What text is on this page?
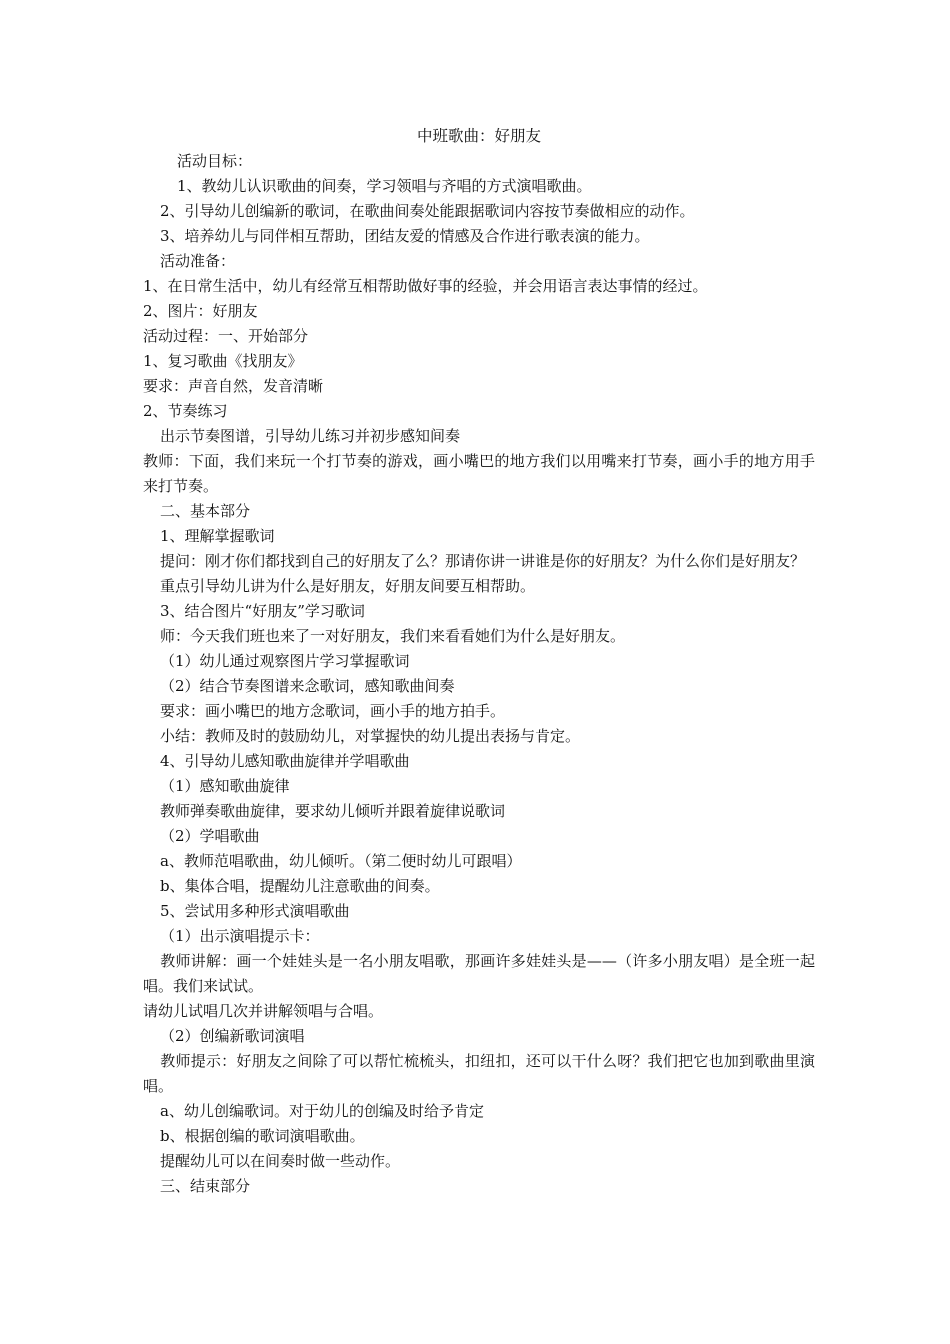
中班歌曲：好朋友

活动目标：

1、教幼儿认识歌曲的间奏，学习领唱与齐唱的方式演唱歌曲。

2、引导幼儿创编新的歌词，在歌曲间奏处能跟据歌词内容按节奏做相应的动作。

3、培养幼儿与同伴相互帮助，团结友爱的情感及合作进行歌表演的能力。

活动准备：

1、在日常生活中，幼儿有经常互相帮助做好事的经验，并会用语言表达事情的经过。

2、图片：好朋友

活动过程：一、开始部分

1、复习歌曲《找朋友》

要求：声音自然，发音清晰

2、节奏练习

出示节奏图谱，引导幼儿练习并初步感知间奏

教师：下面，我们来玩一个打节奏的游戏，画小嘴巴的地方我们以用嘴来打节奏，画小手的地方用手来打节奏。

二、基本部分

1、理解掌握歌词

提问：刚才你们都找到自己的好朋友了么？那请你讲一讲谁是你的好朋友？为什么你们是好朋友？

重点引导幼儿讲为什么是好朋友，好朋友间要互相帮助。

3、结合图片“好朋友”学习歌词

师：今天我们班也来了一对好朋友，我们来看看她们为什么是好朋友。

（1）幼儿通过观察图片学习掌握歌词

（2）结合节奏图谱来念歌词，感知歌曲间奏

要求：画小嘴巴的地方念歌词，画小手的地方拍手。

小结：教师及时的鼓励幼儿，对掌握快的幼儿提出表扬与肯定。

4、引导幼儿感知歌曲旋律并学唱歌曲

（1）感知歌曲旋律

教师弹奏歌曲旋律，要求幼儿倾听并跟着旋律说歌词

（2）学唱歌曲

a、教师范唱歌曲，幼儿倾听。（第二便时幼儿可跟唱）

b、集体合唱，提醒幼儿注意歌曲的间奏。

5、尝试用多种形式演唱歌曲

（1）出示演唱提示卡：

教师讲解：画一个娃娃头是一名小朋友唱歌，那画许多娃娃头是——（许多小朋友唱）是全班一起唱。我们来试试。

请幼儿试唱几次并讲解领唱与合唱。

（2）创编新歌词演唱

教师提示：好朋友之间除了可以帮忙梳梳头，扣纽扣，还可以干什么呀？我们把它也加到歌曲里演唱。

a、幼儿创编歌词。对于幼儿的创编及时给予肯定

b、根据创编的歌词演唱歌曲。

提醒幼儿可以在间奏时做一些动作。

三、结束部分
